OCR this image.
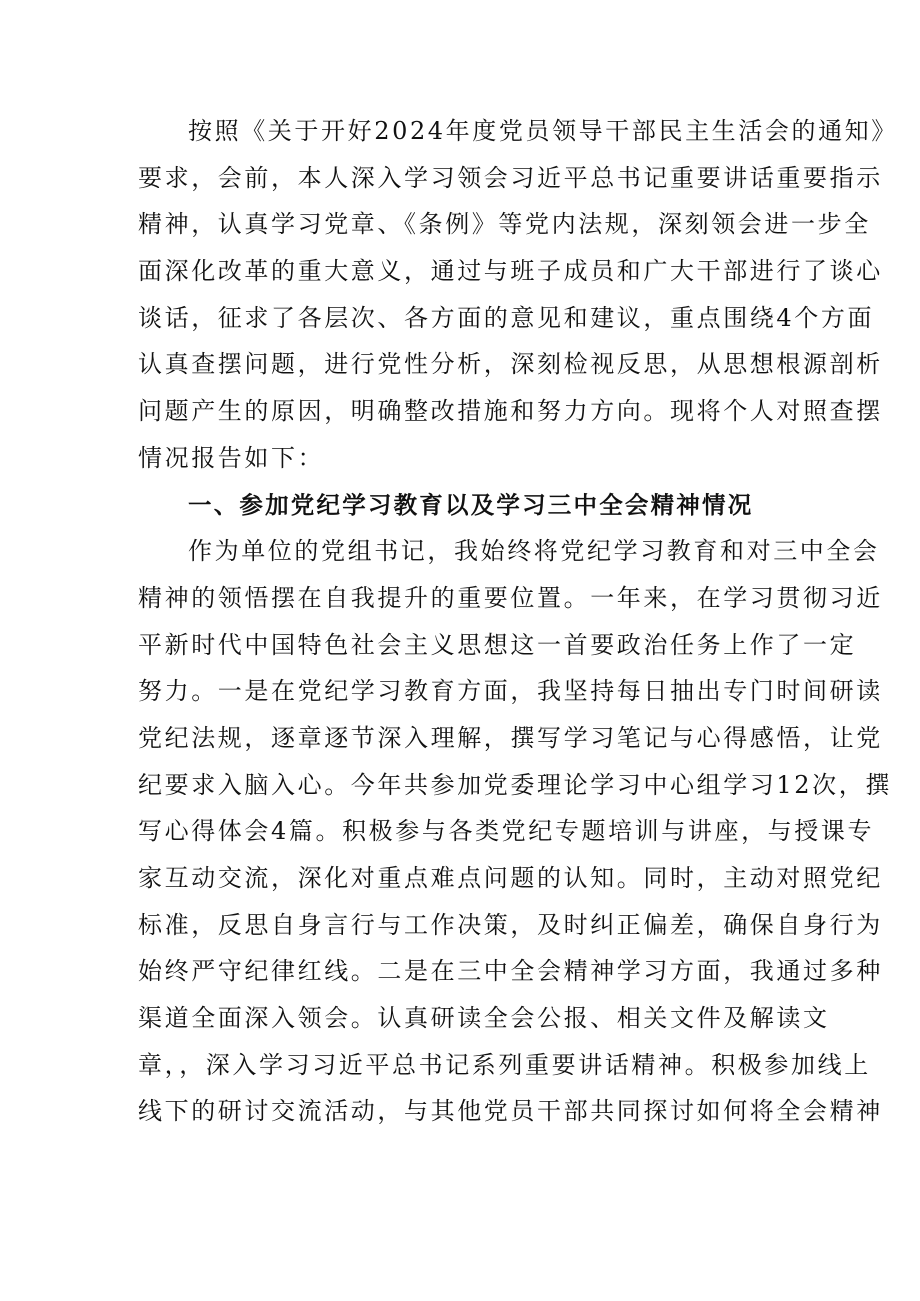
按照《关于开好2024年度党员领导干部民主生活会的通知》
要求，会前，本人深入学习领会习近平总书记重要讲话重要指示
精神，认真学习党章、《条例》等党内法规，深刻领会进一步全
面深化改革的重大意义，通过与班子成员和广大干部进行了谈心
谈话，征求了各层次、各方面的意见和建议，重点围绕4个方面
认真查摆问题，进行党性分析，深刻检视反思，从思想根源剖析
问题产生的原因，明确整改措施和努力方向。现将个人对照查摆
情况报告如下：
一、参加党纪学习教育以及学习三中全会精神情况
作为单位的党组书记，我始终将党纪学习教育和对三中全会
精神的领悟摆在自我提升的重要位置。一年来，在学习贯彻习近
平新时代中国特色社会主义思想这一首要政治任务上作了一定
努力。一是在党纪学习教育方面，我坚持每日抽出专门时间研读
党纪法规，逐章逐节深入理解，撰写学习笔记与心得感悟，让党
纪要求入脑入心。今年共参加党委理论学习中心组学习12次，撰
写心得体会4篇。积极参与各类党纪专题培训与讲座，与授课专
家互动交流，深化对重点难点问题的认知。同时，主动对照党纪
标准，反思自身言行与工作决策，及时纠正偏差，确保自身行为
始终严守纪律红线。二是在三中全会精神学习方面，我通过多种
渠道全面深入领会。认真研读全会公报、相关文件及解读文
章，，深入学习习近平总书记系列重要讲话精神。积极参加线上
线下的研讨交流活动，与其他党员干部共同探讨如何将全会精神
